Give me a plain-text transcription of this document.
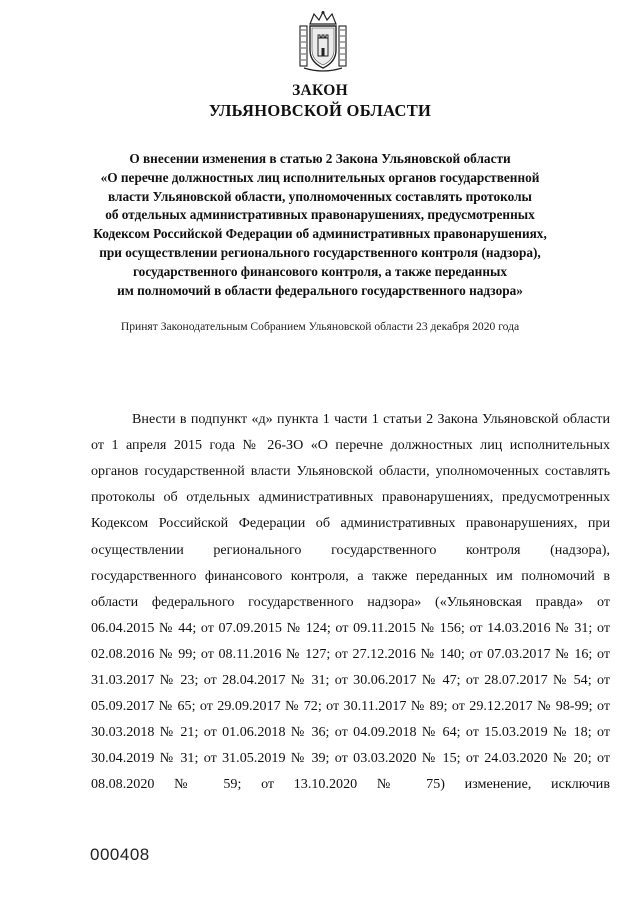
ЗАКОН
УЛЬЯНОВСКОЙ ОБЛАСТИ
О внесении изменения в статью 2 Закона Ульяновской области
«О перечне должностных лиц исполнительных органов государственной
власти Ульяновской области, уполномоченных составлять протоколы
об отдельных административных правонарушениях, предусмотренных
Кодексом Российской Федерации об административных правонарушениях,
при осуществлении регионального государственного контроля (надзора),
государственного финансового контроля, а также переданных
им полномочий в области федерального государственного надзора»
Принят Законодательным Собранием Ульяновской области 23 декабря 2020 года

Внести в подпункт «д» пункта 1 части 1 статьи 2 Закона Ульяновской области от 1 апреля 2015 года № 26-ЗО «О перечне должностных лиц исполнительных органов государственной власти Ульяновской области, уполномоченных составлять протоколы об отдельных административных правонарушениях, предусмотренных Кодексом Российской Федерации об административных правонарушениях, при осуществлении регионального государственного контроля (надзора), государственного финансового контроля, а также переданных им полномочий в области федерального государственного надзора» («Ульяновская правда» от 06.04.2015 № 44; от 07.09.2015 № 124; от 09.11.2015 № 156; от 14.03.2016 № 31; от 02.08.2016 № 99; от 08.11.2016 № 127; от 27.12.2016 № 140; от 07.03.2017 № 16; от 31.03.2017 № 23; от 28.04.2017 № 31; от 30.06.2017 № 47; от 28.07.2017 № 54; от 05.09.2017 № 65; от 29.09.2017 № 72; от 30.11.2017 № 89; от 29.12.2017 № 98-99; от 30.03.2018 № 21; от 01.06.2018 № 36; от 04.09.2018 № 64; от 15.03.2019 № 18; от 30.04.2019 № 31; от 31.05.2019 № 39; от 03.03.2020 № 15; от 24.03.2020 № 20; от 08.08.2020 № 59; от 13.10.2020 № 75) изменение, исключив

000408
